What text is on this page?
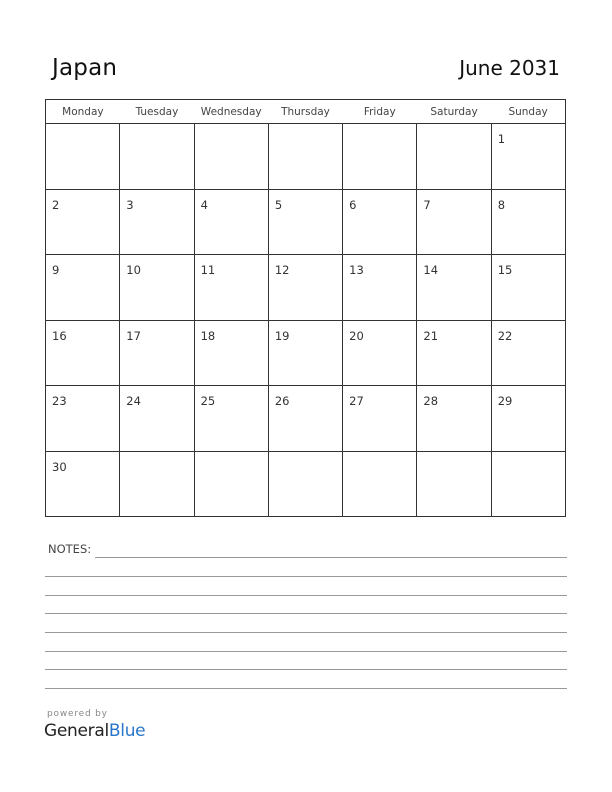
Japan	June 2031
Monday	Tuesday	Wednesday	Thursday	Friday	Saturday	Sunday

						1

2	3	4	5	6	7	8

9	10	11	12	13	14	15

16	17	18	19	20	21	22

23	24	25	26	27	28	29

30						

NOTES:
powered by
GeneralBlue
